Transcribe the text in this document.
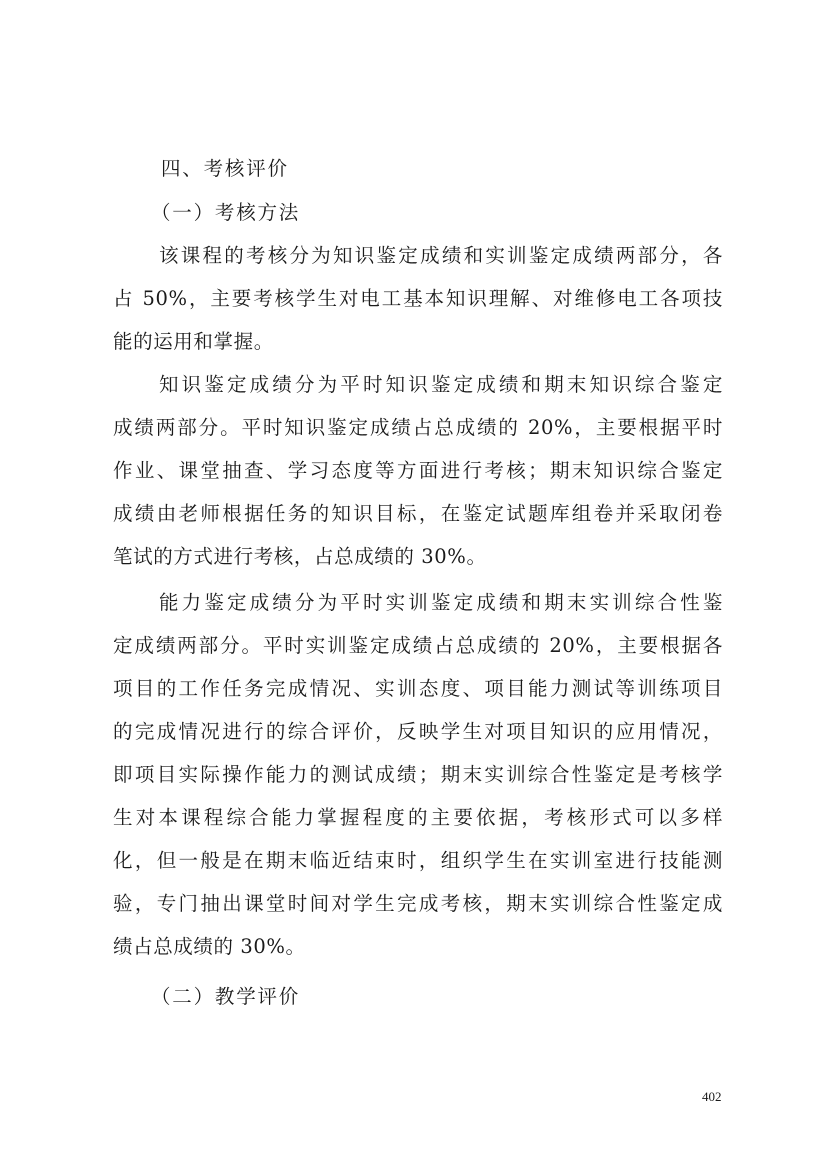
四、考核评价
（一）考核方法
该课程的考核分为知识鉴定成绩和实训鉴定成绩两部分，各
占 50%，主要考核学生对电工基本知识理解、对维修电工各项技
能的运用和掌握。
知识鉴定成绩分为平时知识鉴定成绩和期末知识综合鉴定
成绩两部分。平时知识鉴定成绩占总成绩的 20%，主要根据平时
作业、课堂抽查、学习态度等方面进行考核；期末知识综合鉴定
成绩由老师根据任务的知识目标，在鉴定试题库组卷并采取闭卷
笔试的方式进行考核，占总成绩的 30%。
能力鉴定成绩分为平时实训鉴定成绩和期末实训综合性鉴
定成绩两部分。平时实训鉴定成绩占总成绩的 20%，主要根据各
项目的工作任务完成情况、实训态度、项目能力测试等训练项目
的完成情况进行的综合评价，反映学生对项目知识的应用情况，
即项目实际操作能力的测试成绩；期末实训综合性鉴定是考核学
生对本课程综合能力掌握程度的主要依据，考核形式可以多样
化，但一般是在期末临近结束时，组织学生在实训室进行技能测
验，专门抽出课堂时间对学生完成考核，期末实训综合性鉴定成
绩占总成绩的 30%。
（二）教学评价
402
